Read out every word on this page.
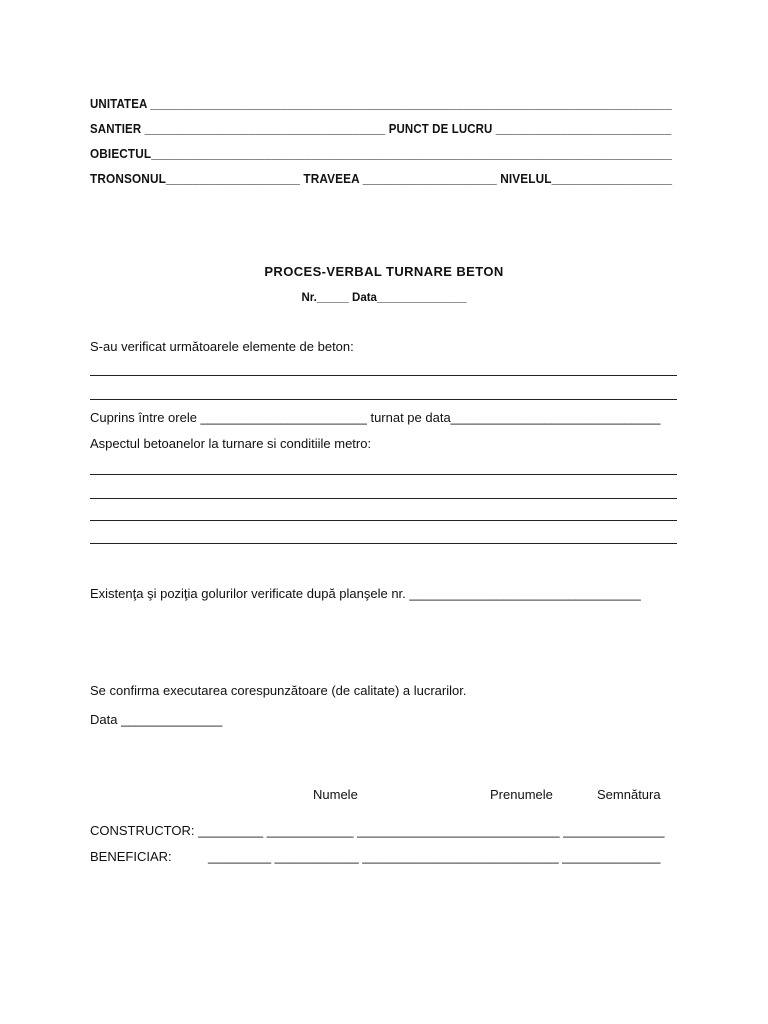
UNITATEA ________________________________________________________________________________
SANTIER _____________________________________ PUNCT DE LUCRU ___________________________
OBIECTUL______________________________________________________________________________
TRONSONUL____________________ TRAVEEA ____________________ NIVELUL__________________
PROCES-VERBAL TURNARE BETON
Nr._____ Data______________
S-au verificat următoarele elemente de beton:
Cuprins între orele _______________________ turnat pe data_____________________________
Aspectul betoanelor la turnare si conditiile metro:
Existenţa şi poziţia golurilor verificate după planşele nr. ________________________________
Se confirma executarea corespunzătoare (de calitate) a lucrarilor.
Data ______________
Numele	Prenumele	Semnătura
CONSTRUCTOR: _________ ____________ ____________________________ ______________
BENEFICIAR:	_________ ____________ ____________________________ ______________
